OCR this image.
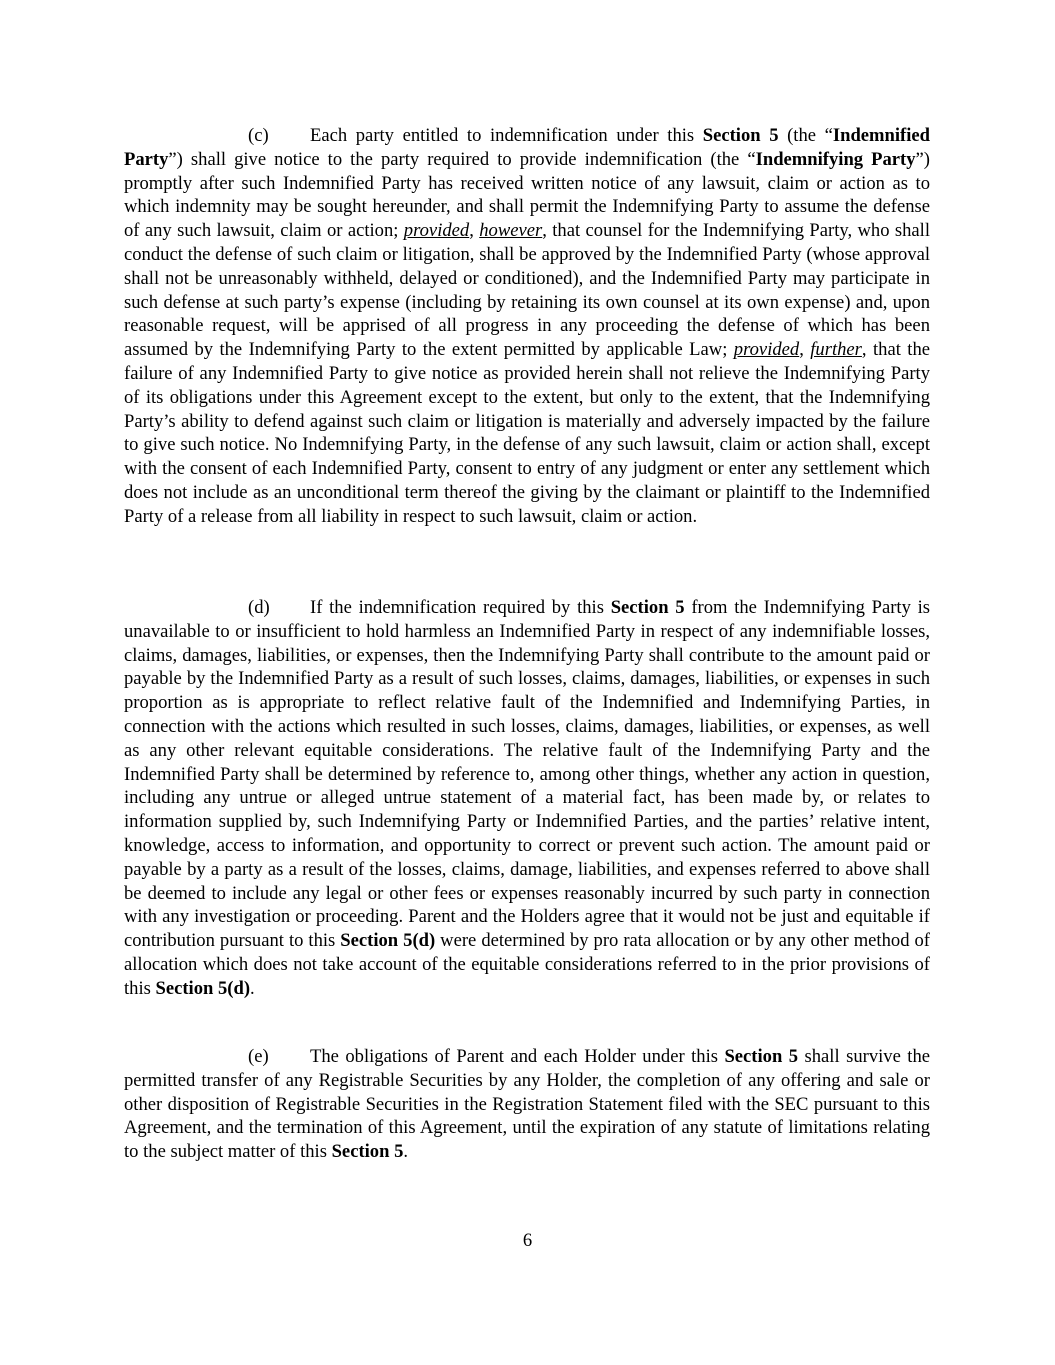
(c) Each party entitled to indemnification under this Section 5 (the “Indemnified Party”) shall give notice to the party required to provide indemnification (the “Indemnifying Party”) promptly after such Indemnified Party has received written notice of any lawsuit, claim or action as to which indemnity may be sought hereunder, and shall permit the Indemnifying Party to assume the defense of any such lawsuit, claim or action; provided, however, that counsel for the Indemnifying Party, who shall conduct the defense of such claim or litigation, shall be approved by the Indemnified Party (whose approval shall not be unreasonably withheld, delayed or conditioned), and the Indemnified Party may participate in such defense at such party’s expense (including by retaining its own counsel at its own expense) and, upon reasonable request, will be apprised of all progress in any proceeding the defense of which has been assumed by the Indemnifying Party to the extent permitted by applicable Law; provided, further, that the failure of any Indemnified Party to give notice as provided herein shall not relieve the Indemnifying Party of its obligations under this Agreement except to the extent, but only to the extent, that the Indemnifying Party’s ability to defend against such claim or litigation is materially and adversely impacted by the failure to give such notice. No Indemnifying Party, in the defense of any such lawsuit, claim or action shall, except with the consent of each Indemnified Party, consent to entry of any judgment or enter any settlement which does not include as an unconditional term thereof the giving by the claimant or plaintiff to the Indemnified Party of a release from all liability in respect to such lawsuit, claim or action.

(d) If the indemnification required by this Section 5 from the Indemnifying Party is unavailable to or insufficient to hold harmless an Indemnified Party in respect of any indemnifiable losses, claims, damages, liabilities, or expenses, then the Indemnifying Party shall contribute to the amount paid or payable by the Indemnified Party as a result of such losses, claims, damages, liabilities, or expenses in such proportion as is appropriate to reflect relative fault of the Indemnified and Indemnifying Parties, in connection with the actions which resulted in such losses, claims, damages, liabilities, or expenses, as well as any other relevant equitable considerations. The relative fault of the Indemnifying Party and the Indemnified Party shall be determined by reference to, among other things, whether any action in question, including any untrue or alleged untrue statement of a material fact, has been made by, or relates to information supplied by, such Indemnifying Party or Indemnified Parties, and the parties’ relative intent, knowledge, access to information, and opportunity to correct or prevent such action. The amount paid or payable by a party as a result of the losses, claims, damage, liabilities, and expenses referred to above shall be deemed to include any legal or other fees or expenses reasonably incurred by such party in connection with any investigation or proceeding. Parent and the Holders agree that it would not be just and equitable if contribution pursuant to this Section 5(d) were determined by pro rata allocation or by any other method of allocation which does not take account of the equitable considerations referred to in the prior provisions of this Section 5(d).

(e) The obligations of Parent and each Holder under this Section 5 shall survive the permitted transfer of any Registrable Securities by any Holder, the completion of any offering and sale or other disposition of Registrable Securities in the Registration Statement filed with the SEC pursuant to this Agreement, and the termination of this Agreement, until the expiration of any statute of limitations relating to the subject matter of this Section 5.

6
